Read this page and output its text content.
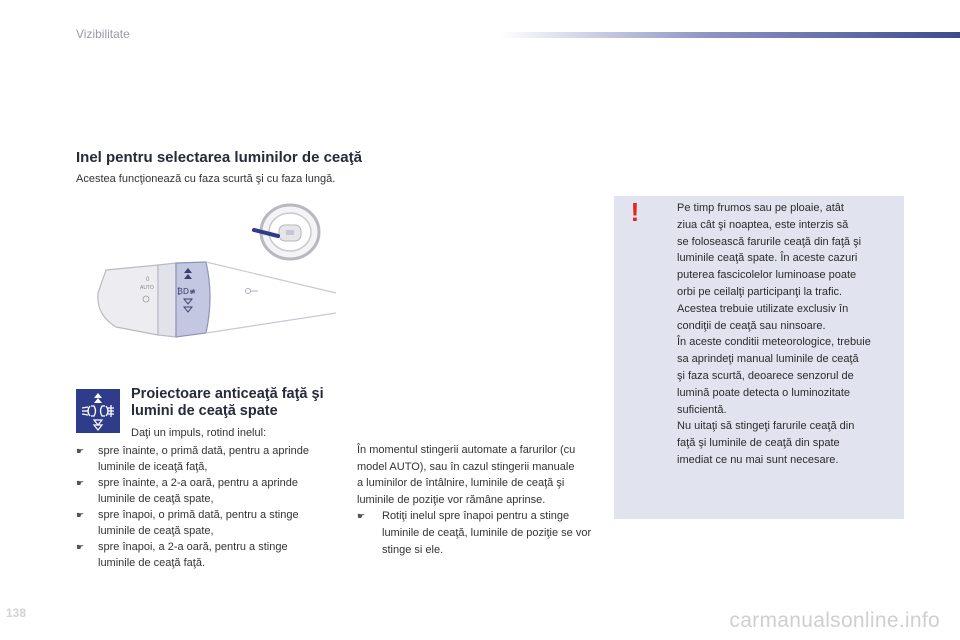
Vizibilitate
Inel pentru selectarea luminilor de ceaţă
Acestea funcţionează cu faza scurtă şi cu faza lungă.
0
AUTO	₿D≢
!	Pe timp frumos sau pe ploaie, atât
ziua cât şi noaptea, este interzis să
se folosească farurile ceaţă din faţă şi
luminile ceaţă spate. În aceste cazuri
puterea fascicolelor luminoase poate
orbi pe ceilalţi participanţi la trafic.
Acestea trebuie utilizate exclusiv în
condiţii de ceaţă sau ninsoare.
În aceste conditii meteorologice, trebuie
sa aprindeţi manual luminile de ceaţă
şi faza scurtă, deoarece senzorul de
lumină poate detecta o luminozitate
suficientă.
Nu uitaţi să stingeţi farurile ceaţă din
faţă şi luminile de ceaţă din spate
imediat ce nu mai sunt necesare.
Proiectoare anticeaţă faţă şi lumini de ceaţă spate
Daţi un impuls, rotind inelul:
☛ spre înainte, o primă dată, pentru a aprinde
luminile de iceaţă faţă,
☛ spre înainte, a 2-a oară, pentru a aprinde
luminile de ceaţă spate,
☛ spre înapoi, o primă dată, pentru a stinge
luminile de ceaţă spate,
☛ spre înapoi, a 2-a oară, pentru a stinge
luminile de ceaţă faţă.
În momentul stingerii automate a farurilor (cu
model AUTO), sau în cazul stingerii manuale
a luminilor de întâlnire, luminile de ceaţă şi
luminile de poziţie vor rămâne aprinse.
☛ Rotiţi inelul spre înapoi pentru a stinge
luminile de ceaţă, luminile de poziţie se vor
stinge si ele.
138	carmanualsonline.info
